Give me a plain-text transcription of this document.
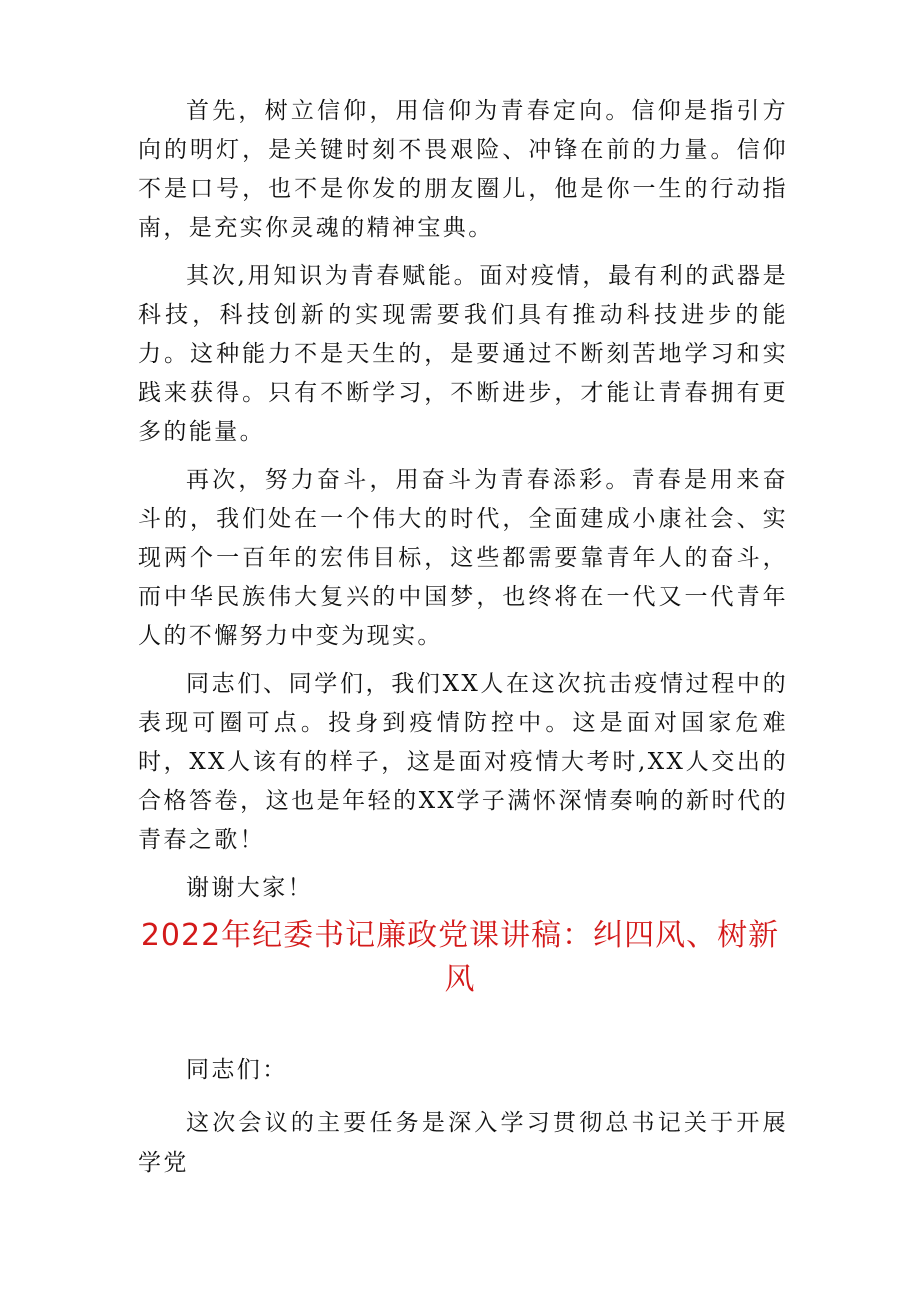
首先，树立信仰，用信仰为青春定向。信仰是指引方向的明灯，是关键时刻不畏艰险、冲锋在前的力量。信仰不是口号，也不是你发的朋友圈儿，他是你一生的行动指南，是充实你灵魂的精神宝典。

其次,用知识为青春赋能。面对疫情，最有利的武器是科技，科技创新的实现需要我们具有推动科技进步的能力。这种能力不是天生的，是要通过不断刻苦地学习和实践来获得。只有不断学习，不断进步，才能让青春拥有更多的能量。

再次，努力奋斗，用奋斗为青春添彩。青春是用来奋斗的，我们处在一个伟大的时代，全面建成小康社会、实现两个一百年的宏伟目标，这些都需要靠青年人的奋斗，而中华民族伟大复兴的中国梦，也终将在一代又一代青年人的不懈努力中变为现实。

同志们、同学们，我们XX人在这次抗击疫情过程中的表现可圈可点。投身到疫情防控中。这是面对国家危难时，XX人该有的样子，这是面对疫情大考时,XX人交出的合格答卷，这也是年轻的XX学子满怀深情奏响的新时代的青春之歌！

谢谢大家！

2022年纪委书记廉政党课讲稿：纠四风、树新风

同志们：

这次会议的主要任务是深入学习贯彻总书记关于开展学党
